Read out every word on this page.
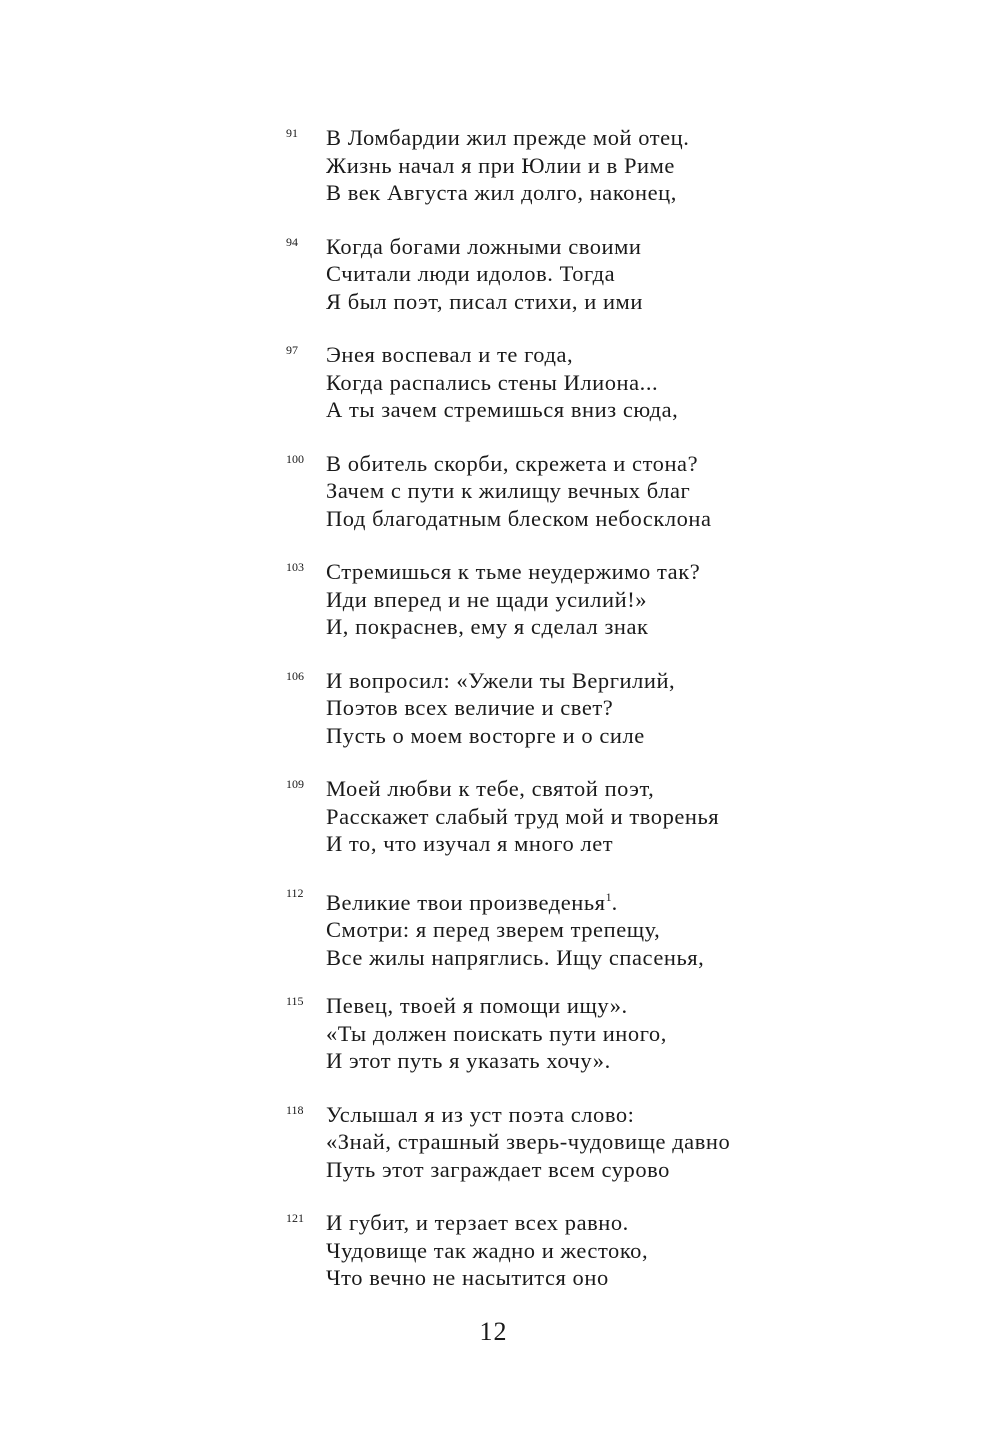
91	В Ломбардии жил прежде мой отец.
Жизнь начал я при Юлии и в Риме
В век Августа жил долго, наконец,
94	Когда богами ложными своими
Считали люди идолов. Тогда
Я был поэт, писал стихи, и ими
97	Энея воспевал и те года,
Когда распались стены Илиона...
А ты зачем стремишься вниз сюда,
100 В обитель скорби, скрежета и стона?
Зачем с пути к жилищу вечных благ
Под благодатным блеском небосклона
103 Стремишься к тьме неудержимо так?
Иди вперед и не щади усилий!»
И, покраснев, ему я сделал знак
106 И вопросил: «Ужели ты Вергилий,
Поэтов всех величие и свет?
Пусть о моем восторге и о силе
109 Моей любви к тебе, святой поэт,
Расскажет слабый труд мой и творенья
И то, что изучал я много лет
112 Великие твои произведенья$^1$.
Смотри: я перед зверем трепещу,
Все жилы напряглись. Ищу спасенья,
115 Певец, твоей я помощи ищу».
«Ты должен поискать пути иного,
И этот путь я указать хочу».
118 Услышал я из уст поэта слово:
«Знай, страшный зверь-чудовище давно
Путь этот заграждает всем сурово
121 И губит, и терзает всех равно.
Чудовище так жадно и жестоко,
Что вечно не насытится оно
12
